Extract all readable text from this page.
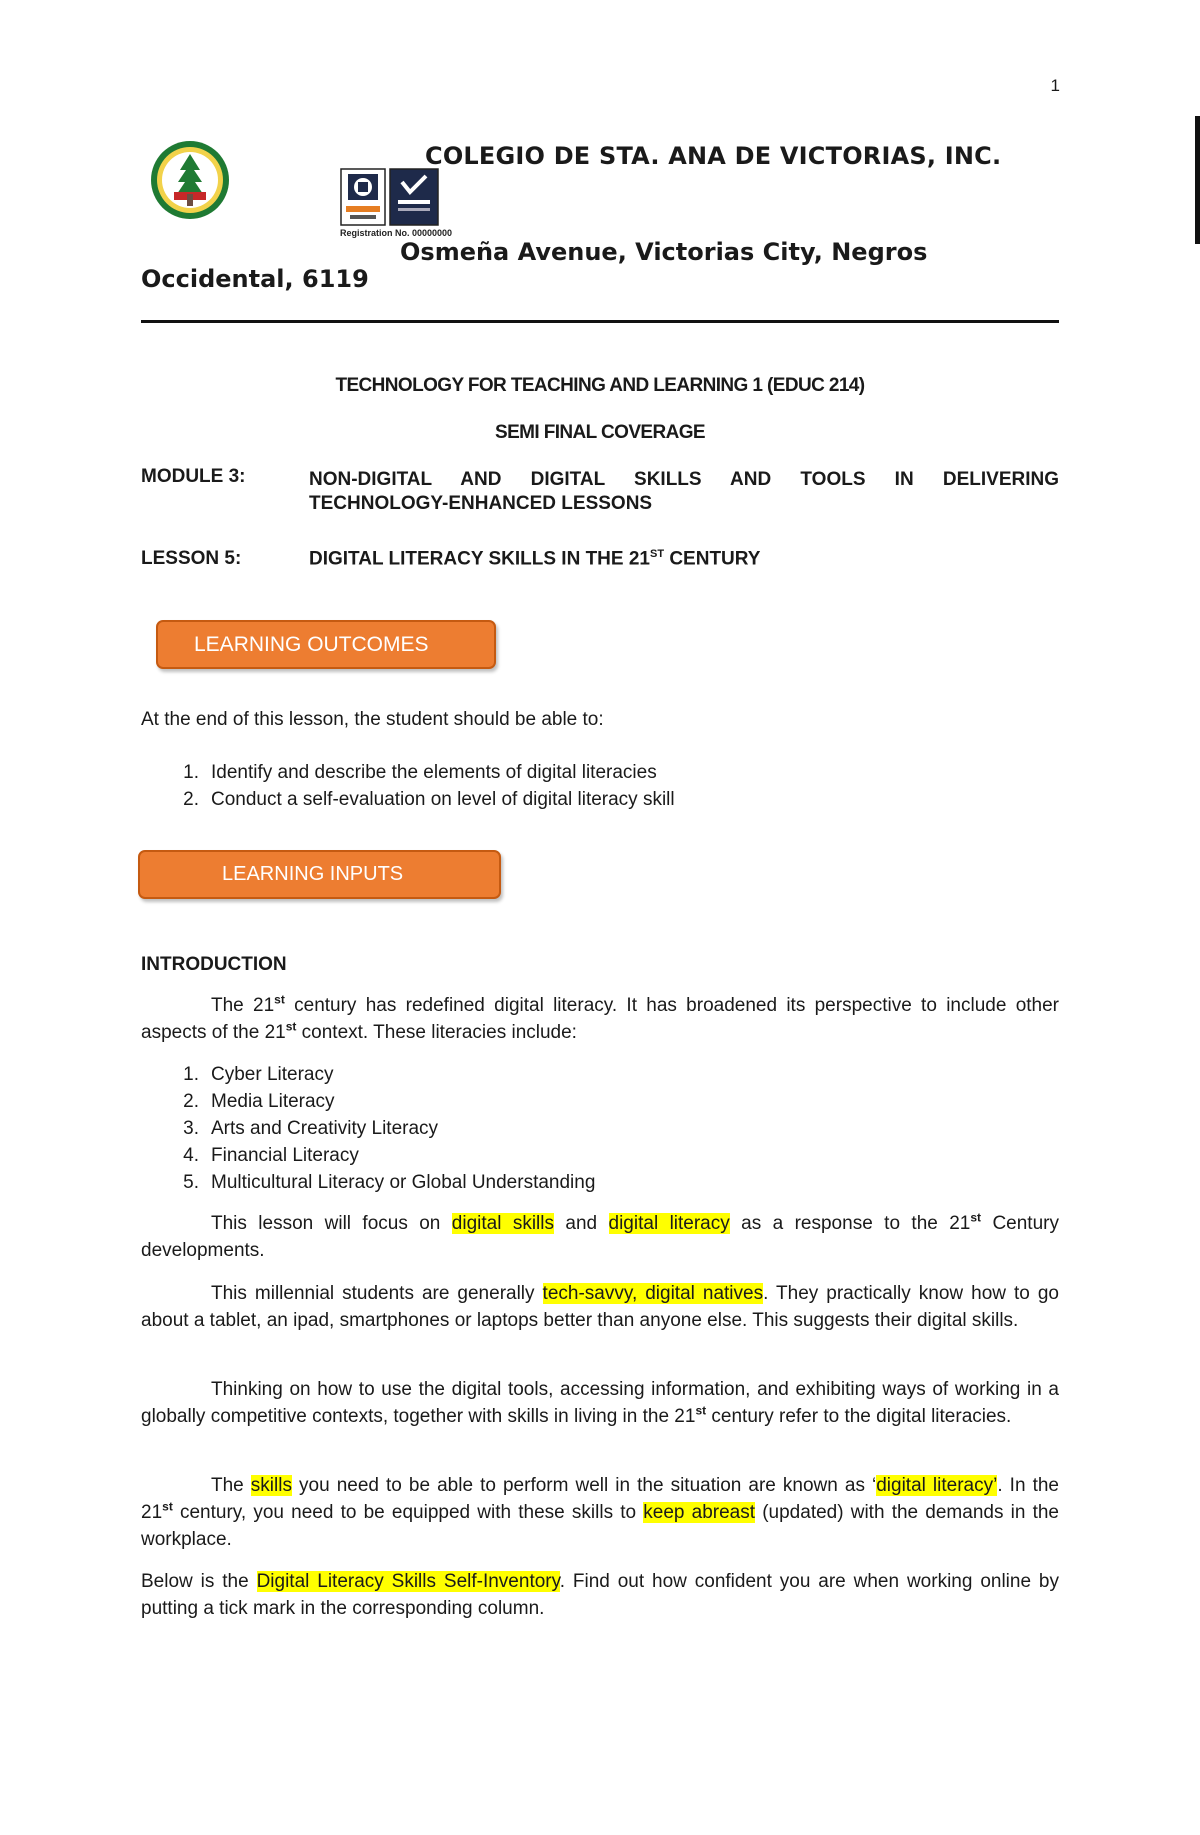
1
Registration No. 00000000
COLEGIO DE STA. ANA DE VICTORIAS, INC.
Osmeña Avenue, Victorias City, Negros
Occidental, 6119
TECHNOLOGY FOR TEACHING AND LEARNING 1 (EDUC 214)
SEMI FINAL COVERAGE
MODULE 3:	NON-DIGITAL AND DIGITAL SKILLS AND TOOLS IN DELIVERING
TECHNOLOGY-ENHANCED LESSONS
LESSON 5:	DIGITAL LITERACY SKILLS IN THE 21ST CENTURY
LEARNING OUTCOMES
At the end of this lesson, the student should be able to:
1. Identify and describe the elements of digital literacies
2. Conduct a self-evaluation on level of digital literacy skill
LEARNING INPUTS
INTRODUCTION
The 21st century has redefined digital literacy. It has broadened its perspective to include other aspects of the 21st context. These literacies include:
1. Cyber Literacy
2. Media Literacy
3. Arts and Creativity Literacy
4. Financial Literacy
5. Multicultural Literacy or Global Understanding
This lesson will focus on digital skills and digital literacy as a response to the 21st Century developments.
This millennial students are generally tech-savvy, digital natives. They practically know how to go about a tablet, an ipad, smartphones or laptops better than anyone else. This suggests their digital skills.
Thinking on how to use the digital tools, accessing information, and exhibiting ways of working in a globally competitive contexts, together with skills in living in the 21st century refer to the digital literacies.
The skills you need to be able to perform well in the situation are known as ‘digital literacy’. In the 21st century, you need to be equipped with these skills to keep abreast (updated) with the demands in the workplace.
Below is the Digital Literacy Skills Self-Inventory. Find out how confident you are when working online by putting a tick mark in the corresponding column.
